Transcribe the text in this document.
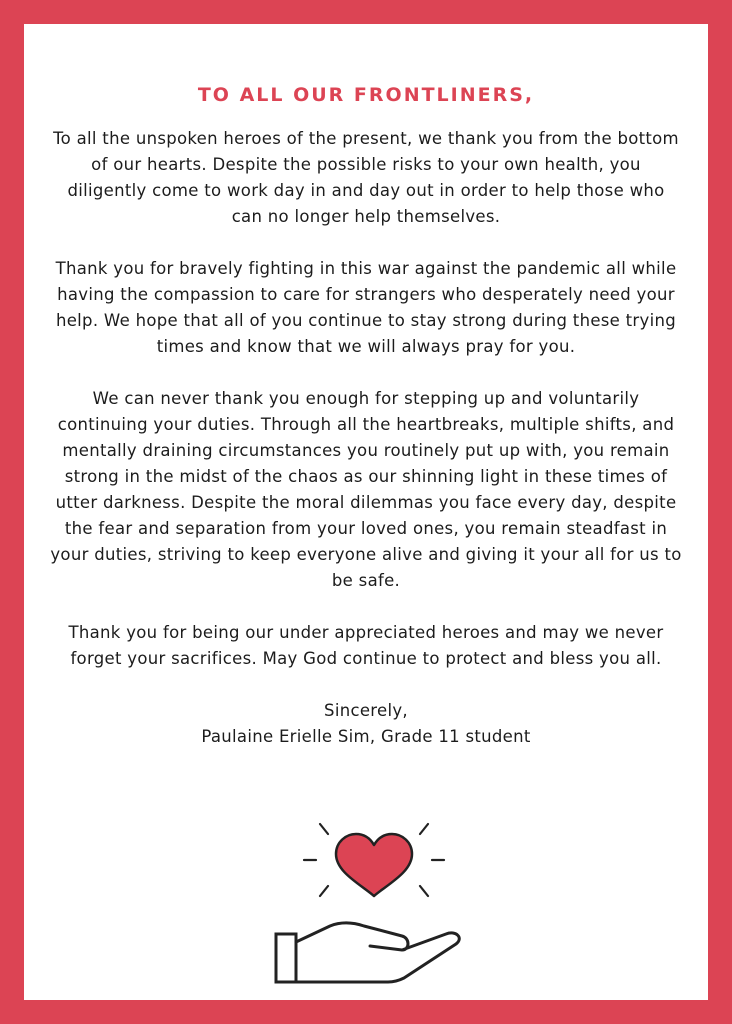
TO ALL OUR FRONTLINERS,

To all the unspoken heroes of the present, we thank you from the bottom of our hearts. Despite the possible risks to your own health, you diligently come to work day in and day out in order to help those who can no longer help themselves.

Thank you for bravely fighting in this war against the pandemic all while having the compassion to care for strangers who desperately need your help. We hope that all of you continue to stay strong during these trying times and know that we will always pray for you.

We can never thank you enough for stepping up and voluntarily continuing your duties. Through all the heartbreaks, multiple shifts, and mentally draining circumstances you routinely put up with, you remain strong in the midst of the chaos as our shinning light in these times of utter darkness. Despite the moral dilemmas you face every day, despite the fear and separation from your loved ones, you remain steadfast in your duties, striving to keep everyone alive and giving it your all for us to be safe.

Thank you for being our under appreciated heroes and may we never forget your sacrifices. May God continue to protect and bless you all.

Sincerely,
Paulaine Erielle Sim, Grade 11 student
